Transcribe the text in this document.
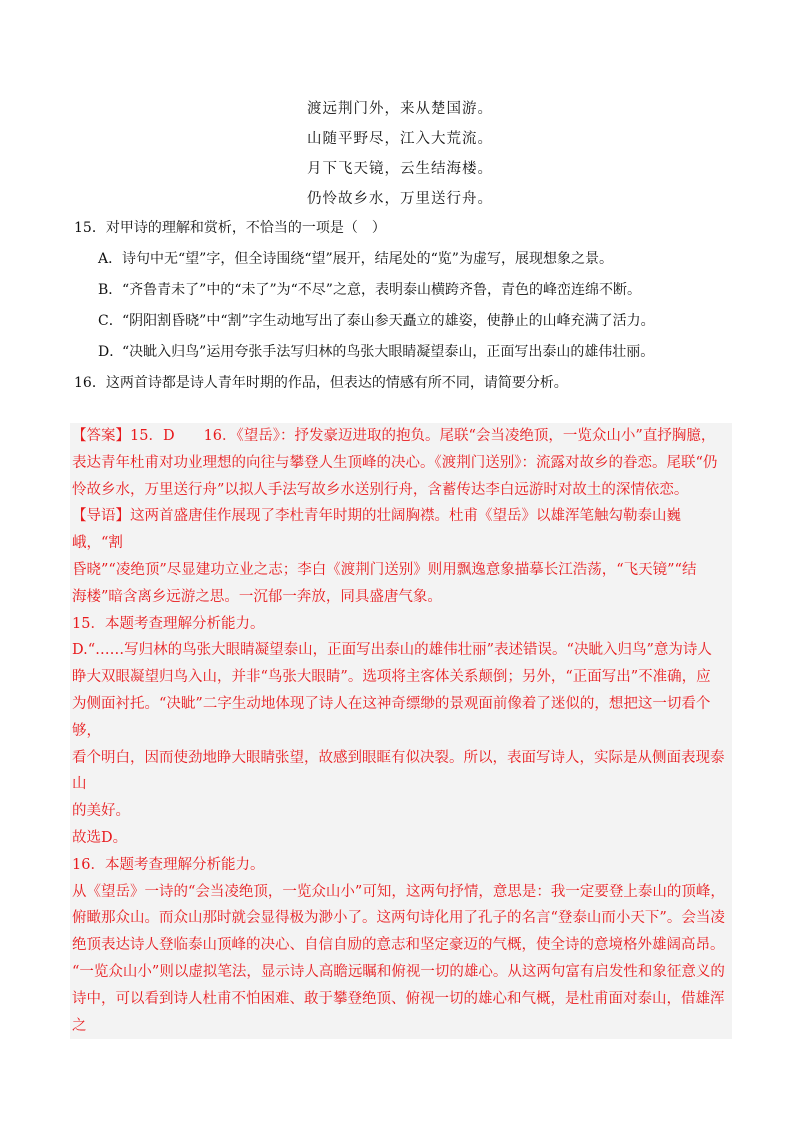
渡远荆门外，来从楚国游。
山随平野尽，江入大荒流。
月下飞天镜，云生结海楼。
仍怜故乡水，万里送行舟。
15．对甲诗的理解和赏析，不恰当的一项是（　）
A．诗句中无“望”字，但全诗围绕“望”展开，结尾处的“览”为虚写，展现想象之景。
B．“齐鲁青未了”中的“未了”为“不尽”之意，表明泰山横跨齐鲁，青色的峰峦连绵不断。
C．“阴阳割昏晓”中“割”字生动地写出了泰山参天矗立的雄姿，使静止的山峰充满了活力。
D．“决眦入归鸟”运用夸张手法写归林的鸟张大眼睛凝望泰山，正面写出泰山的雄伟壮丽。
16．这两首诗都是诗人青年时期的作品，但表达的情感有所不同，请简要分析。

【答案】15．D　　16．《望岳》：抒发豪迈进取的抱负。尾联“会当凌绝顶，一览众山小”直抒胸臆，

表达青年杜甫对功业理想的向往与攀登人生顶峰的决心。《渡荆门送别》：流露对故乡的眷恋。尾联“仍

怜故乡水，万里送行舟”以拟人手法写故乡水送别行舟，含蓄传达李白远游时对故土的深情依恋。

【导语】这两首盛唐佳作展现了李杜青年时期的壮阔胸襟。杜甫《望岳》以雄浑笔触勾勒泰山巍峨，“割

昏晓”“凌绝顶”尽显建功立业之志；李白《渡荆门送别》则用飘逸意象描摹长江浩荡，“飞天镜”“结

海楼”暗含离乡远游之思。一沉郁一奔放，同具盛唐气象。

15．本题考查理解分析能力。

D.“……写归林的鸟张大眼睛凝望泰山，正面写出泰山的雄伟壮丽”表述错误。“决眦入归鸟”意为诗人

睁大双眼凝望归鸟入山，并非“鸟张大眼睛”。选项将主客体关系颠倒；另外，“正面写出”不准确，应

为侧面衬托。“决眦”二字生动地体现了诗人在这神奇缥缈的景观面前像着了迷似的，想把这一切看个够，

看个明白，因而使劲地睁大眼睛张望，故感到眼眶有似决裂。所以，表面写诗人，实际是从侧面表现泰山

的美好。

故选D。

16．本题考查理解分析能力。

从《望岳》一诗的“会当凌绝顶，一览众山小”可知，这两句抒情，意思是：我一定要登上泰山的顶峰，

俯瞰那众山。而众山那时就会显得极为渺小了。这两句诗化用了孔子的名言“登泰山而小天下”。会当凌

绝顶表达诗人登临泰山顶峰的决心、自信自励的意志和坚定豪迈的气概，使全诗的意境格外雄阔高昂。

“一览众山小”则以虚拟笔法，显示诗人高瞻远瞩和俯视一切的雄心。从这两句富有启发性和象征意义的

诗中，可以看到诗人杜甫不怕困难、敢于攀登绝顶、俯视一切的雄心和气概，是杜甫面对泰山，借雄浑之
